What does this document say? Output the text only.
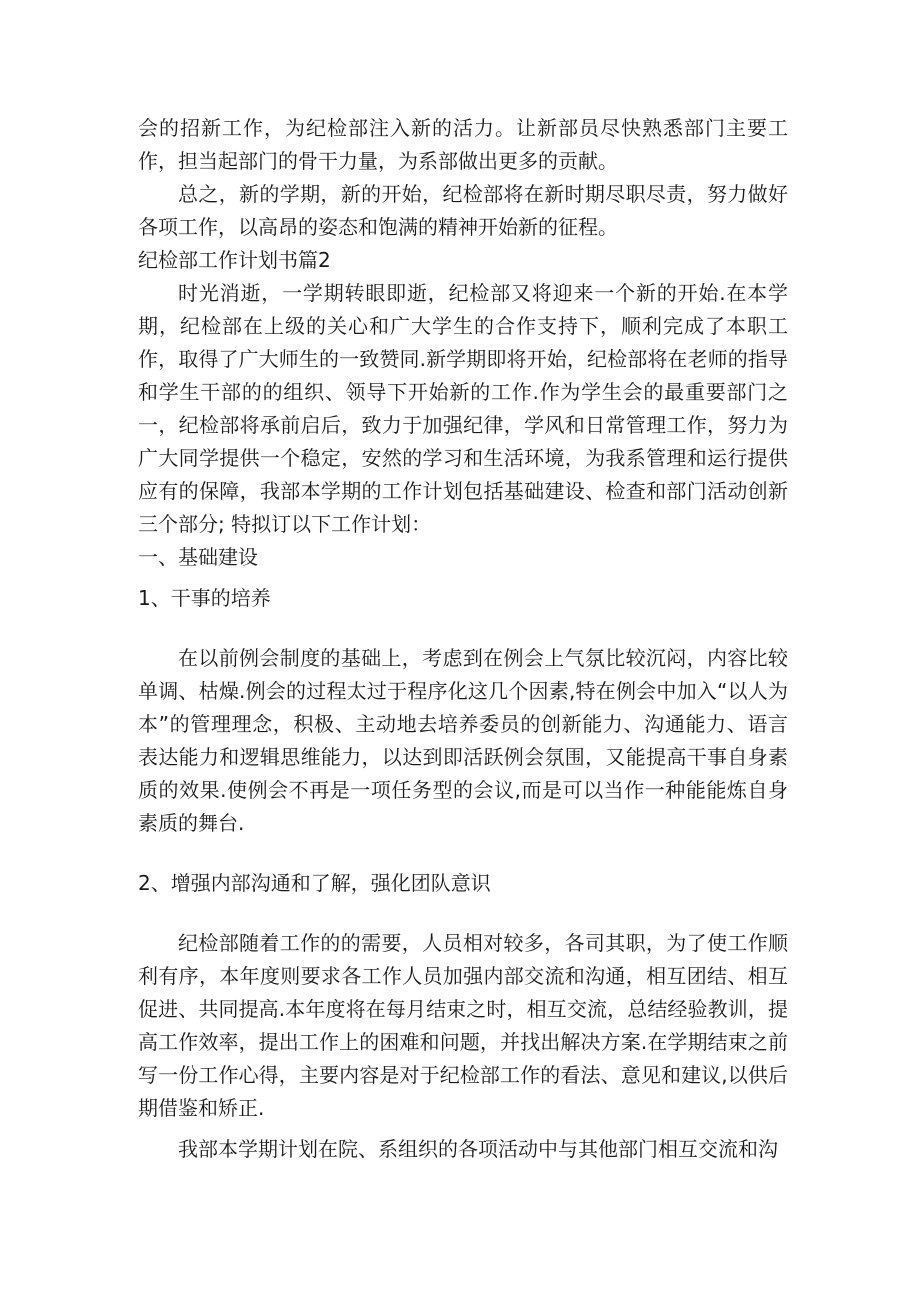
会的招新工作，为纪检部注入新的活力。让新部员尽快熟悉部门主要工作，担当起部门的骨干力量，为系部做出更多的贡献。

总之，新的学期，新的开始，纪检部将在新时期尽职尽责，努力做好各项工作，以高昂的姿态和饱满的精神开始新的征程。

纪检部工作计划书篇2

时光消逝，一学期转眼即逝，纪检部又将迎来一个新的开始.在本学期，纪检部在上级的关心和广大学生的合作支持下，顺利完成了本职工作，取得了广大师生的一致赞同.新学期即将开始，纪检部将在老师的指导和学生干部的的组织、领导下开始新的工作.作为学生会的最重要部门之一，纪检部将承前启后，致力于加强纪律，学风和日常管理工作，努力为广大同学提供一个稳定，安然的学习和生活环境，为我系管理和运行提供应有的保障，我部本学期的工作计划包括基础建设、检查和部门活动创新三个部分; 特拟订以下工作计划：

一、基础建设

1、干事的培养

在以前例会制度的基础上，考虑到在例会上气氛比较沉闷，内容比较单调、枯燥.例会的过程太过于程序化这几个因素,特在例会中加入“以人为本”的管理理念，积极、主动地去培养委员的创新能力、沟通能力、语言表达能力和逻辑思维能力，以达到即活跃例会氛围，又能提高干事自身素质的效果.使例会不再是一项任务型的会议,而是可以当作一种能能炼自身素质的舞台.

2、增强内部沟通和了解，强化团队意识

纪检部随着工作的的需要，人员相对较多，各司其职，为了使工作顺利有序，本年度则要求各工作人员加强内部交流和沟通，相互团结、相互促进、共同提高.本年度将在每月结束之时，相互交流，总结经验教训，提高工作效率，提出工作上的困难和问题，并找出解决方案.在学期结束之前写一份工作心得，主要内容是对于纪检部工作的看法、意见和建议,以供后期借鉴和矫正.

我部本学期计划在院、系组织的各项活动中与其他部门相互交流和沟
